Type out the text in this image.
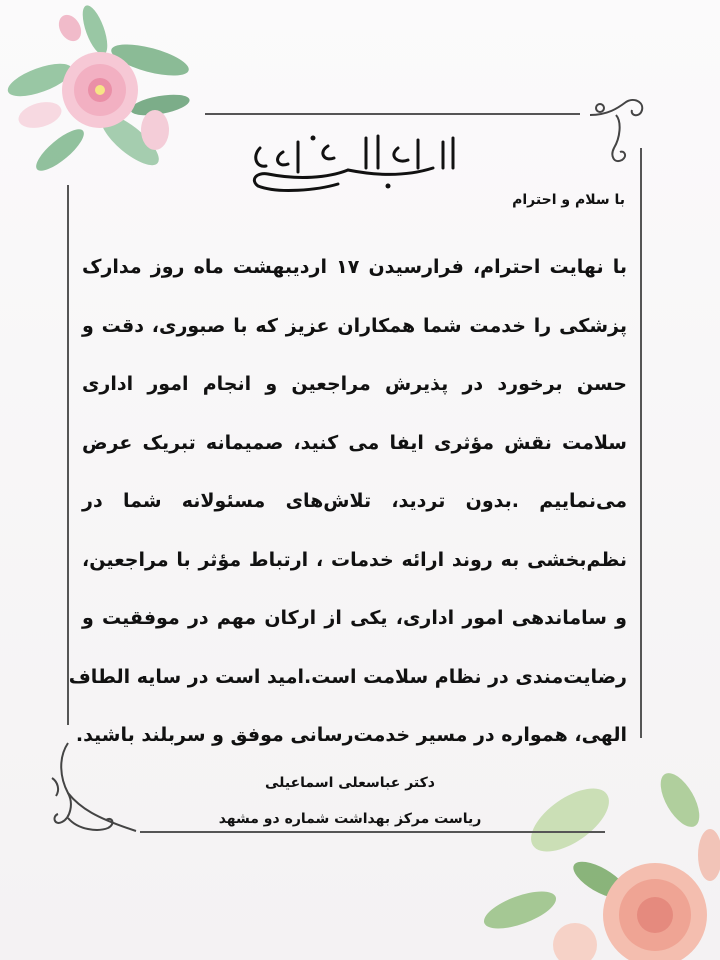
با سلام و احترام
با نهایت احترام، فرارسیدن ۱۷ اردیبهشت ماه روز مدارک
پزشکی را خدمت شما همکاران عزیز که با صبوری، دقت و
حسن برخورد در پذیرش مراجعین و انجام امور اداری
سلامت نقش مؤثری ایفا می کنید، صمیمانه تبریک عرض
می‌نماییم .بدون تردید، تلاش‌های مسئولانه شما در
نظم‌بخشی به روند ارائه خدمات ، ارتباط مؤثر با مراجعین،
و ساماندهی امور اداری، یکی از ارکان مهم در موفقیت و
رضایت‌مندی در نظام سلامت است.امید است در سایه الطاف
الهی، همواره در مسیر خدمت‌رسانی موفق و سربلند باشید.
دکتر عباسعلی اسماعیلی
ریاست مرکز بهداشت شماره دو مشهد
